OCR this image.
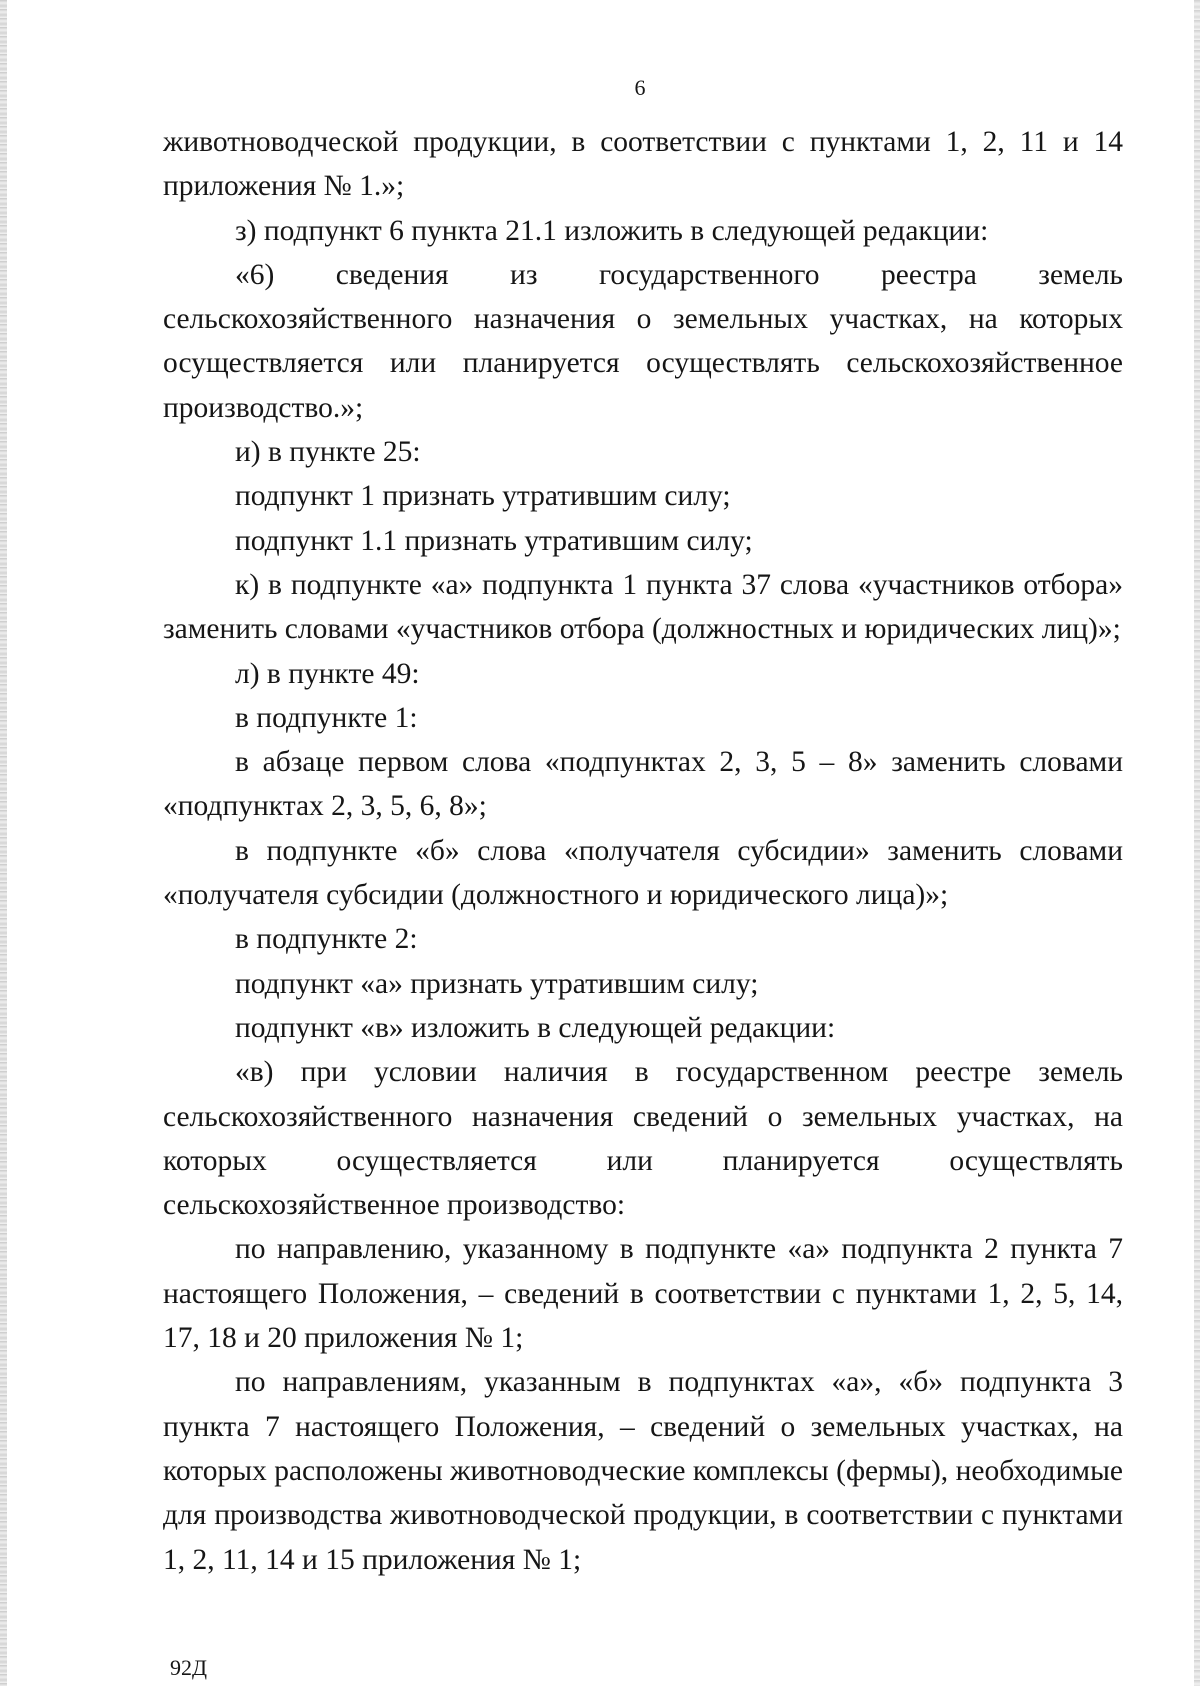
6

животноводческой продукции, в соответствии с пунктами 1, 2, 11 и 14 приложения № 1.»;

з) подпункт 6 пункта 21.1 изложить в следующей редакции:

«6) сведения из государственного реестра земель сельскохозяйственного назначения о земельных участках, на которых осуществляется или планируется осуществлять сельскохозяйственное производство.»;

и) в пункте 25:

подпункт 1 признать утратившим силу;

подпункт 1.1 признать утратившим силу;

к) в подпункте «а» подпункта 1 пункта 37 слова «участников отбора» заменить словами «участников отбора (должностных и юридических лиц)»;

л) в пункте 49:

в подпункте 1:

в абзаце первом слова «подпунктах 2, 3, 5 – 8» заменить словами «подпунктах 2, 3, 5, 6, 8»;

в подпункте «б» слова «получателя субсидии» заменить словами «получателя субсидии (должностного и юридического лица)»;

в подпункте 2:

подпункт «а» признать утратившим силу;

подпункт «в» изложить в следующей редакции:

«в) при условии наличия в государственном реестре земель сельскохозяйственного назначения сведений о земельных участках, на которых осуществляется или планируется осуществлять сельскохозяйственное производство:

по направлению, указанному в подпункте «а» подпункта 2 пункта 7 настоящего Положения, – сведений в соответствии с пунктами 1, 2, 5, 14, 17, 18 и 20 приложения № 1;

по направлениям, указанным в подпунктах «а», «б» подпункта 3 пункта 7 настоящего Положения, – сведений о земельных участках, на которых расположены животноводческие комплексы (фермы), необходимые для производства животноводческой продукции, в соответствии с пунктами 1, 2, 11, 14 и 15 приложения № 1;

92Д
